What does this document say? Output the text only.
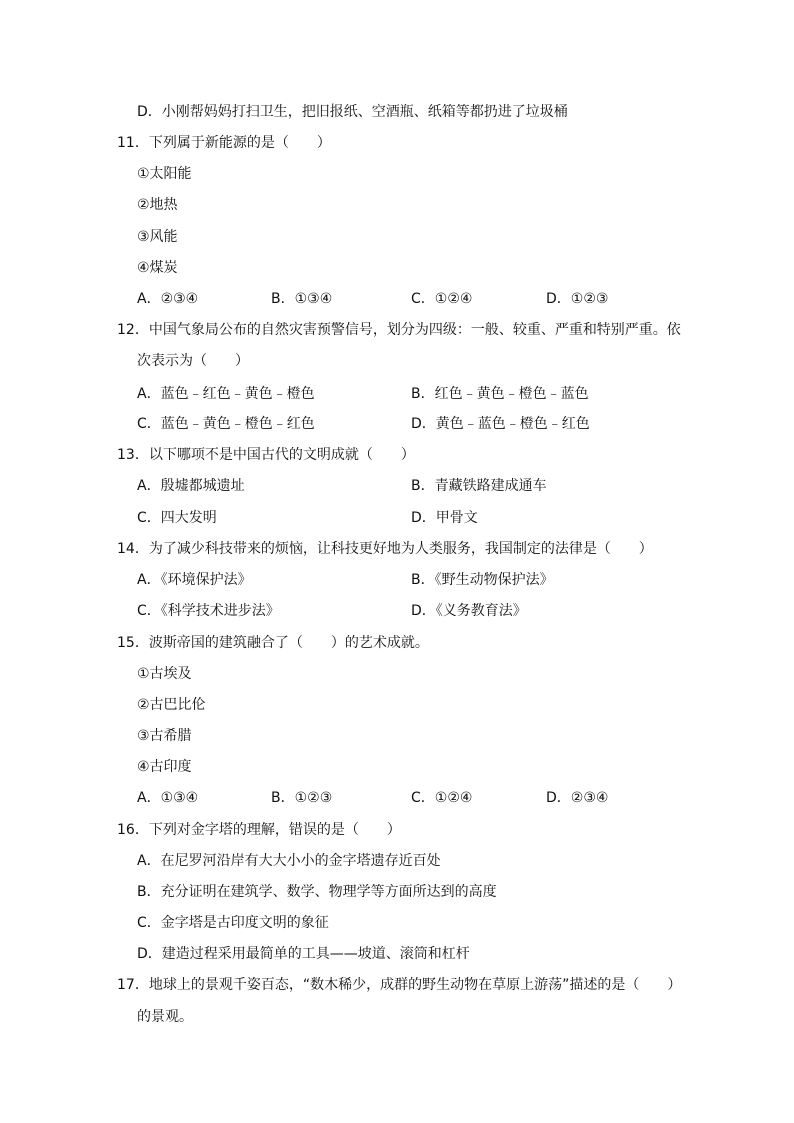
D．小刚帮妈妈打扫卫生，把旧报纸、空酒瓶、纸箱等都扔进了垃圾桶
11．下列属于新能源的是（　　）
①太阳能
②地热
③风能
④煤炭
A．②③④	B．①③④	C．①②④	D．①②③
12．中国气象局公布的自然灾害预警信号，划分为四级：一般、较重、严重和特别严重。依
次表示为（　　）
A．蓝色﹣红色﹣黄色﹣橙色	B．红色﹣黄色﹣橙色﹣蓝色
C．蓝色﹣黄色﹣橙色﹣红色	D．黄色﹣蓝色﹣橙色﹣红色
13．以下哪项不是中国古代的文明成就（　　）
A．殷墟都城遗址	B．青藏铁路建成通车
C．四大发明	D．甲骨文
14．为了减少科技带来的烦恼，让科技更好地为人类服务，我国制定的法律是（　　）
A．《环境保护法》	B．《野生动物保护法》
C．《科学技术进步法》	D．《义务教育法》
15．波斯帝国的建筑融合了（　　）的艺术成就。
①古埃及
②古巴比伦
③古希腊
④古印度
A．①③④	B．①②③	C．①②④	D．②③④
16．下列对金字塔的理解，错误的是（　　）
A．在尼罗河沿岸有大大小小的金字塔遗存近百处
B．充分证明在建筑学、数学、物理学等方面所达到的高度
C．金字塔是古印度文明的象征
D．建造过程采用最简单的工具——坡道、滚筒和杠杆
17．地球上的景观千姿百态，“数木稀少，成群的野生动物在草原上游荡”描述的是（　　）
的景观。
